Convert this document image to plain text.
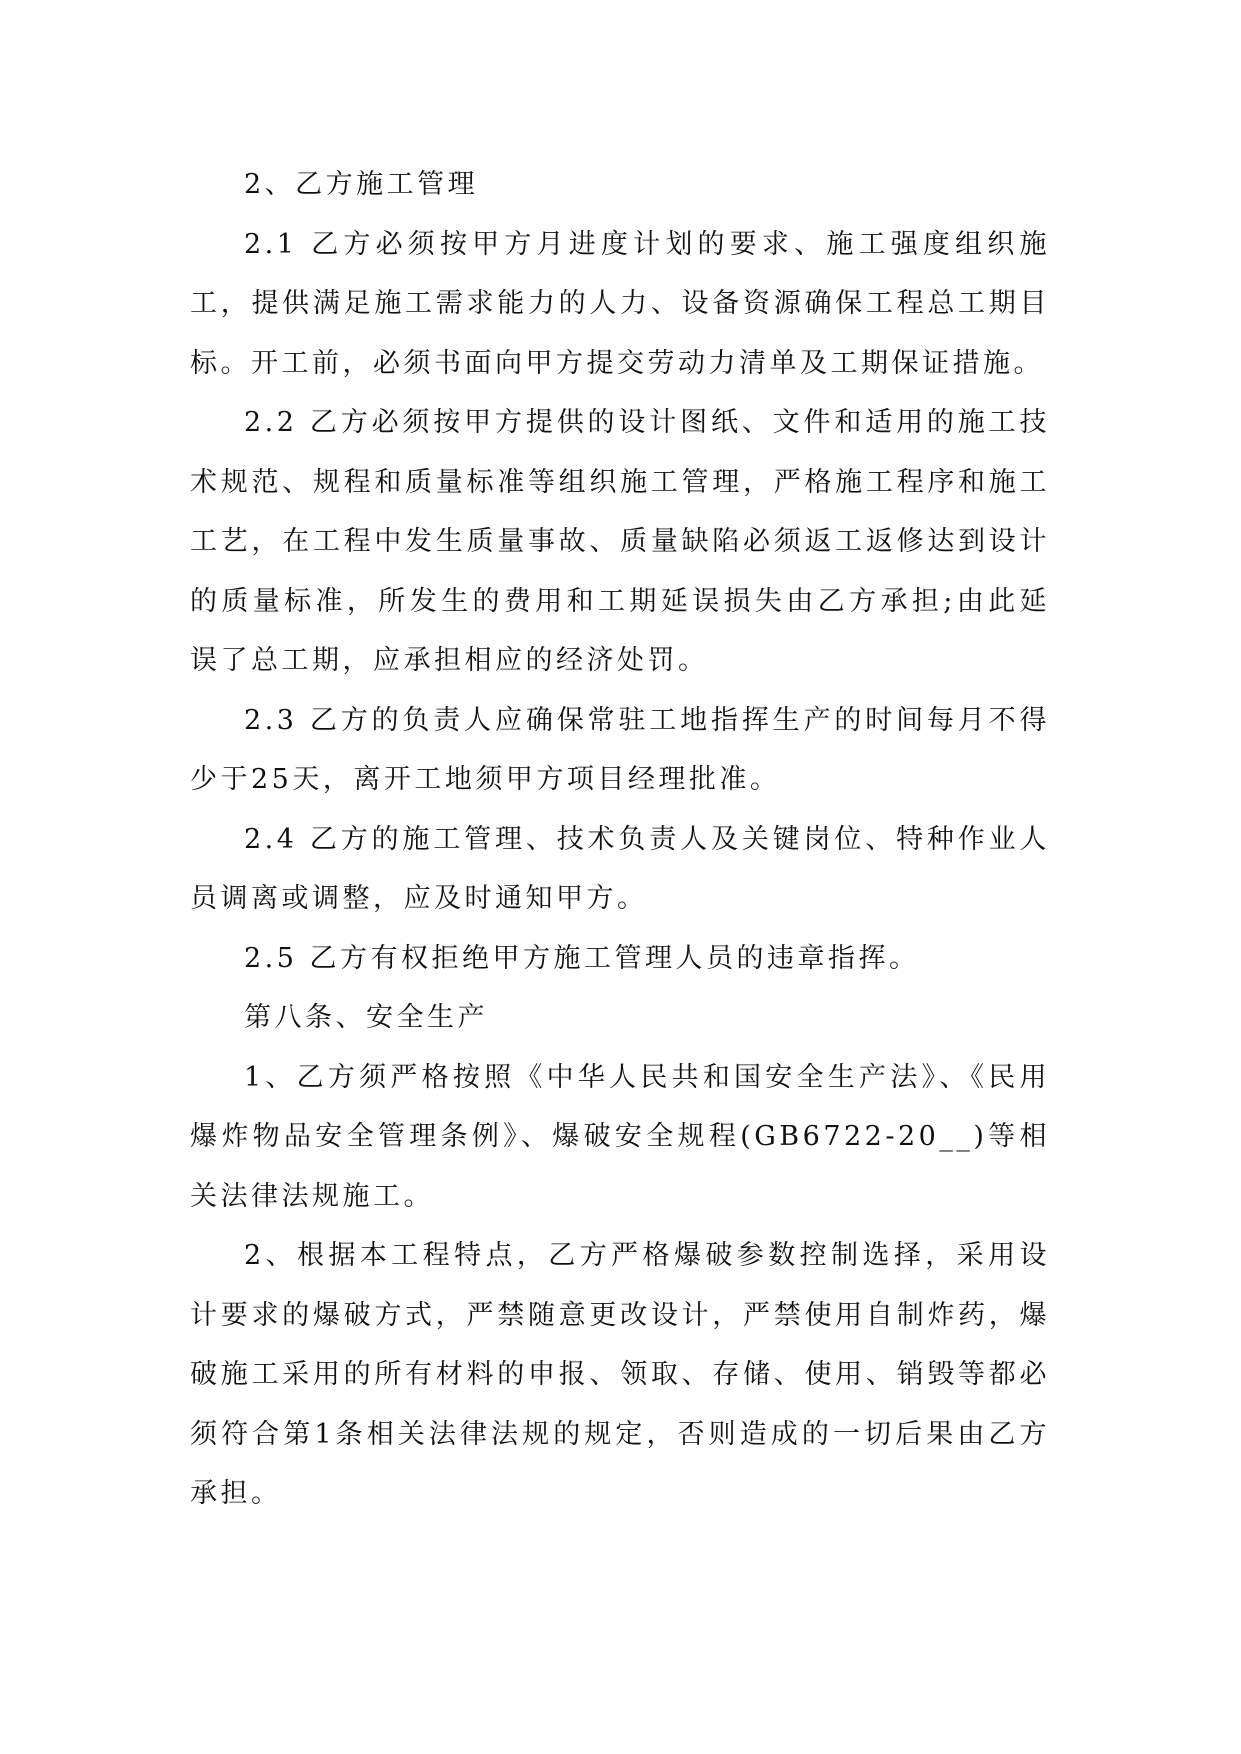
2、乙方施工管理

2.1 乙方必须按甲方月进度计划的要求、施工强度组织施工，提供满足施工需求能力的人力、设备资源确保工程总工期目标。开工前，必须书面向甲方提交劳动力清单及工期保证措施。

2.2 乙方必须按甲方提供的设计图纸、文件和适用的施工技术规范、规程和质量标准等组织施工管理，严格施工程序和施工工艺，在工程中发生质量事故、质量缺陷必须返工返修达到设计的质量标准，所发生的费用和工期延误损失由乙方承担;由此延误了总工期，应承担相应的经济处罚。

2.3 乙方的负责人应确保常驻工地指挥生产的时间每月不得少于25天，离开工地须甲方项目经理批准。

2.4 乙方的施工管理、技术负责人及关键岗位、特种作业人员调离或调整，应及时通知甲方。

2.5 乙方有权拒绝甲方施工管理人员的违章指挥。

第八条、安全生产

1、乙方须严格按照《中华人民共和国安全生产法》、《民用爆炸物品安全管理条例》、爆破安全规程(GB6722-20__)等相关法律法规施工。

2、根据本工程特点，乙方严格爆破参数控制选择，采用设计要求的爆破方式，严禁随意更改设计，严禁使用自制炸药，爆破施工采用的所有材料的申报、领取、存储、使用、销毁等都必须符合第1条相关法律法规的规定，否则造成的一切后果由乙方承担。
